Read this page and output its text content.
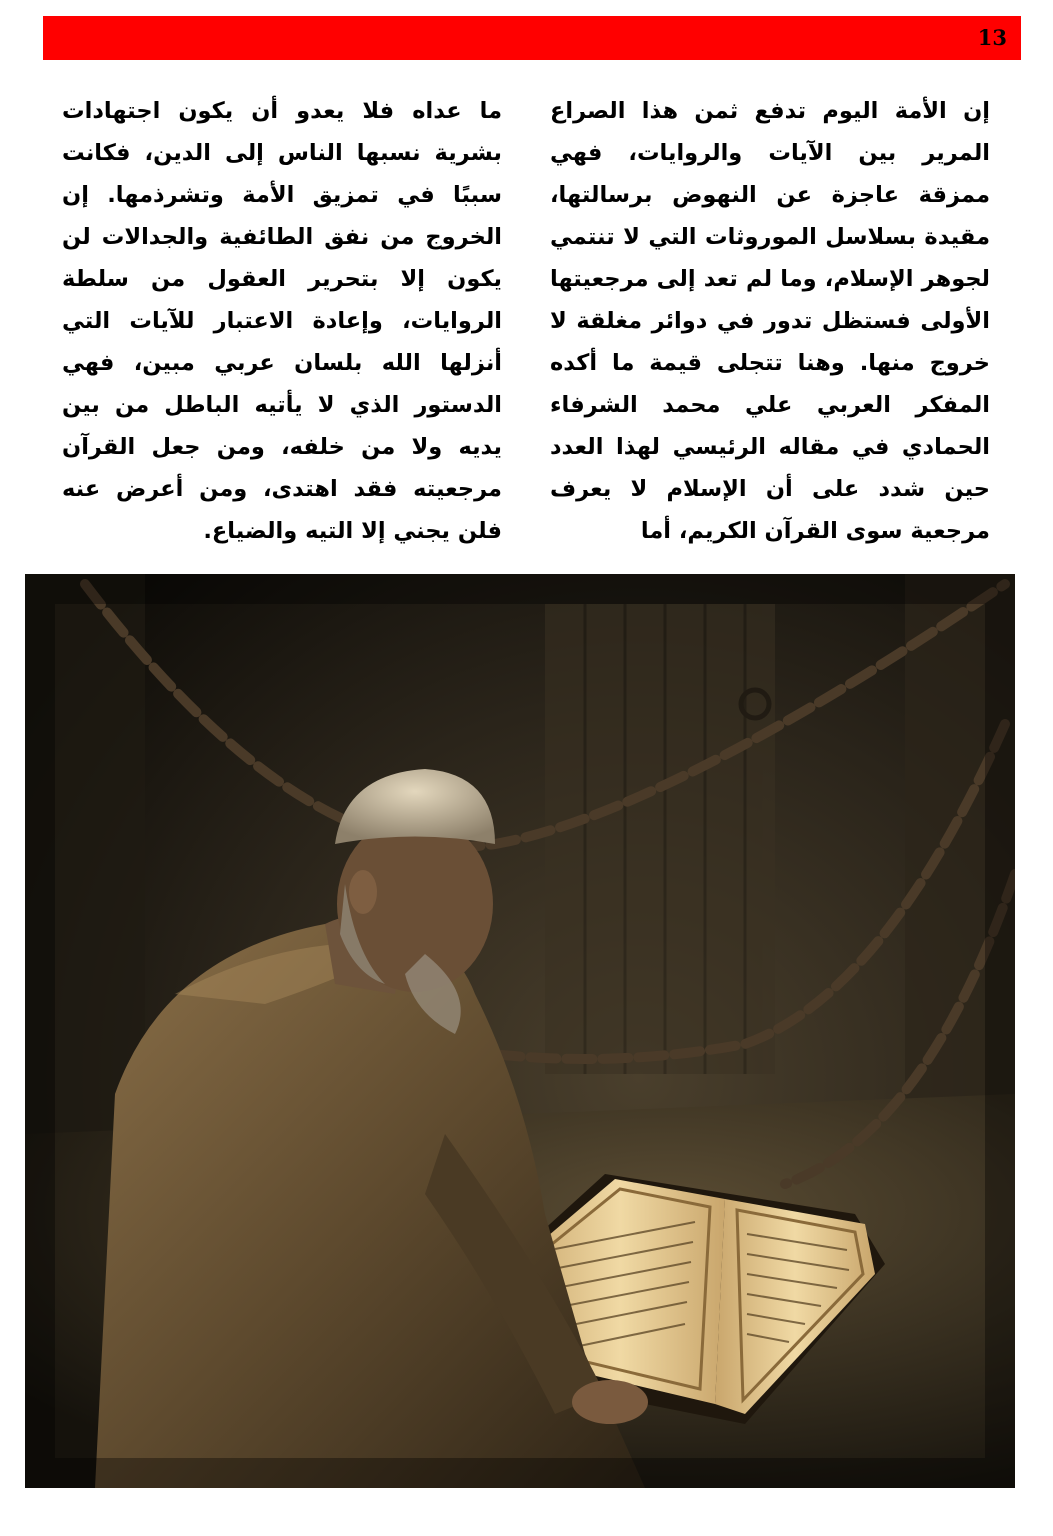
13

إن الأمة اليوم تدفع ثمن هذا الصراع المرير بين الآيات والروايات، فهي ممزقة عاجزة عن النهوض برسالتها، مقيدة بسلاسل الموروثات التي لا تنتمي لجوهر الإسلام، وما لم تعد إلى مرجعيتها الأولى فستظل تدور في دوائر مغلقة لا خروج منها. وهنا تتجلى قيمة ما أكده المفكر العربي علي محمد الشرفاء الحمادي في مقاله الرئيسي لهذا العدد حين شدد على أن الإسلام لا يعرف مرجعية سوى القرآن الكريم، أما

ما عداه فلا يعدو أن يكون اجتهادات بشرية نسبها الناس إلى الدين، فكانت سببًا في تمزيق الأمة وتشرذمها. إن الخروج من نفق الطائفية والجدالات لن يكون إلا بتحرير العقول من سلطة الروايات، وإعادة الاعتبار للآيات التي أنزلها الله بلسان عربي مبين، فهي الدستور الذي لا يأتيه الباطل من بين يديه ولا من خلفه، ومن جعل القرآن مرجعيته فقد اهتدى، ومن أعرض عنه فلن يجني إلا التيه والضياع.
